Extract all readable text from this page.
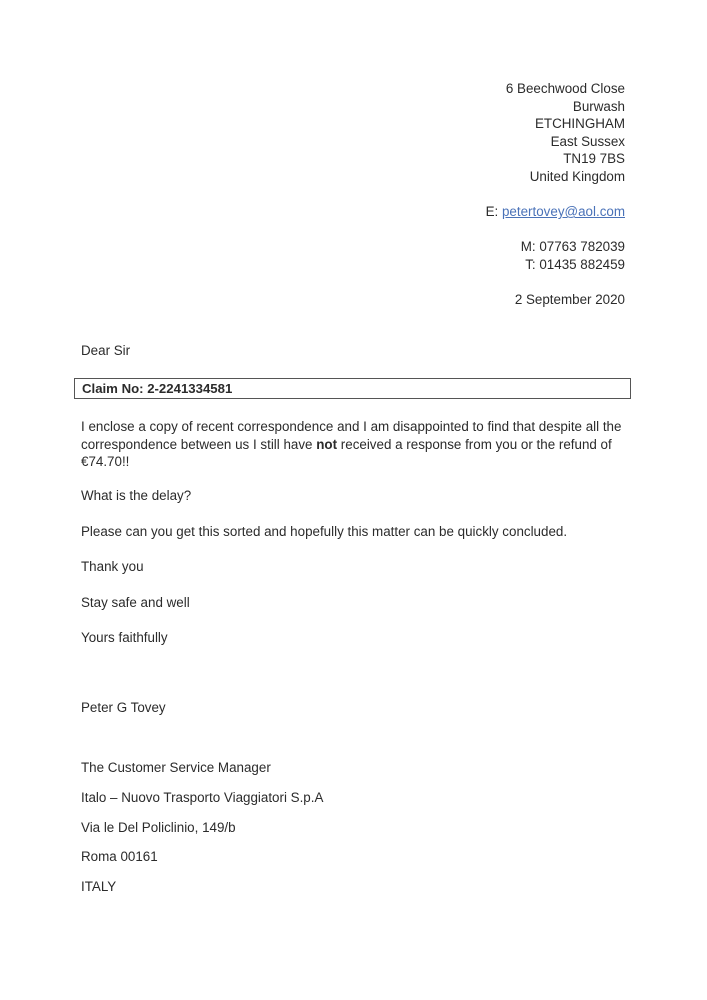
6 Beechwood Close
Burwash
ETCHINGHAM
East Sussex
TN19 7BS
United Kingdom
E: petertovey@aol.com
M: 07763 782039
T: 01435 882459
2 September 2020
Dear Sir
Claim No: 2-2241334581
I enclose a copy of recent correspondence and I am disappointed to find that despite all the correspondence between us I still have not received a response from you or the refund of €74.70!!
What is the delay?
Please can you get this sorted and hopefully this matter can be quickly concluded.
Thank you
Stay safe and well
Yours faithfully
Peter G Tovey
The Customer Service Manager
Italo – Nuovo Trasporto Viaggiatori S.p.A
Via le Del Policlinio, 149/b
Roma 00161
ITALY
